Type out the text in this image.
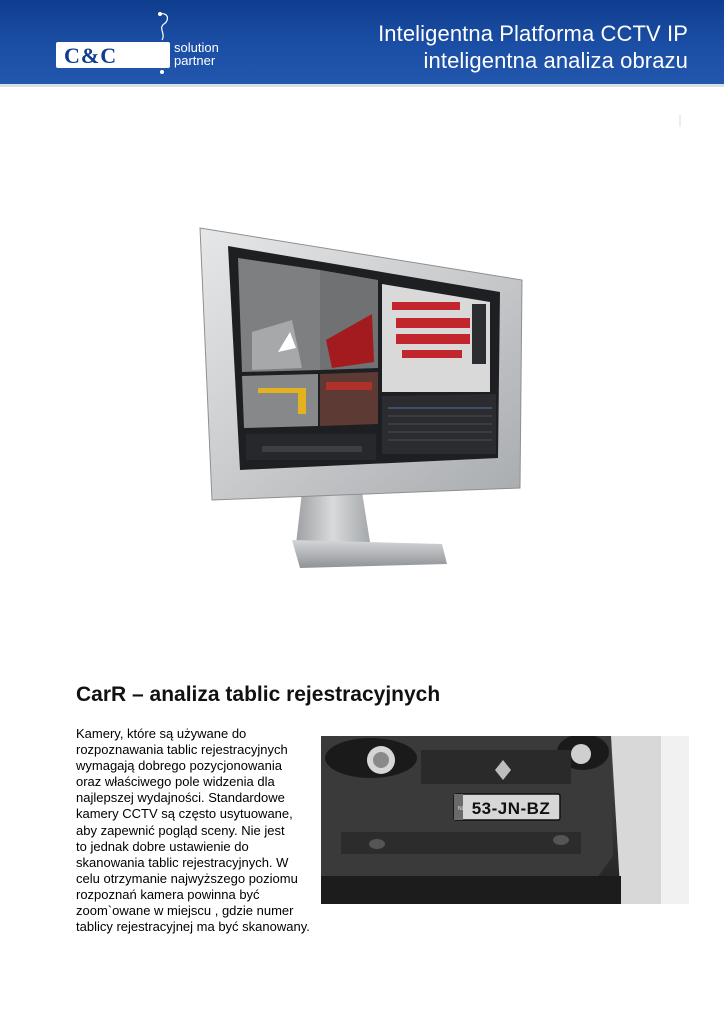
C&C	solution
partner
Inteligentna Platforma CCTV IP
inteligentna analiza obrazu
CarR – analiza tablic rejestracyjnych
Kamery, które są używane do
rozpoznawania tablic rejestracyjnych
wymagają dobrego pozycjonowania
oraz właściwego pole widzenia dla
najlepszej wydajności. Standardowe
kamery CCTV są często usytuowane,
aby zapewnić pogląd sceny. Nie jest
to jednak dobre ustawienie do
skanowania tablic rejestracyjnych. W
celu otrzymanie najwyższego poziomu
rozpoznań kamera powinna być
zoom`owane w miejscu , gdzie numer
tablicy rejestracyjnej ma być skanowany.
NL 53-JN-BZ
